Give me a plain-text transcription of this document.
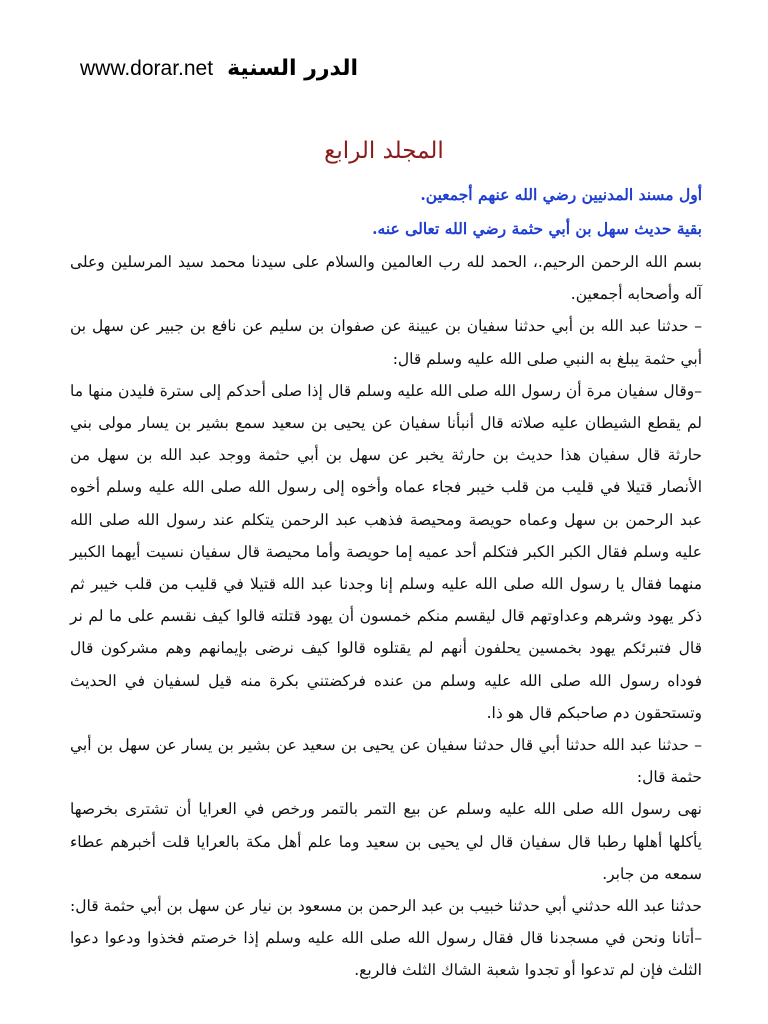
www.dorar.net الدرر السنية
المجلد الرابع

أول مسند المدنيين رضي الله عنهم أجمعين.

بقية حديث سهل بن أبي حثمة رضي الله تعالى عنه.

بسم الله الرحمن الرحيم.، الحمد لله رب العالمين والسلام على سيدنا محمد سيد المرسلين وعلى آله وأصحابه أجمعين.

– حدثنا عبد الله بن أبي حدثنا سفيان بن عيينة عن صفوان بن سليم عن نافع بن جبير عن سهل بن أبي حثمة يبلغ به النبي صلى الله عليه وسلم قال:

–وقال سفيان مرة أن رسول الله صلى الله عليه وسلم قال إذا صلى أحدكم إلى سترة فليدن منها ما لم يقطع الشيطان عليه صلاته قال أنبأنا سفيان عن يحيى بن سعيد سمع بشير بن يسار مولى بني حارثة قال سفيان هذا حديث بن حارثة يخبر عن سهل بن أبي حثمة ووجد عبد الله بن سهل من الأنصار قتيلا في قليب من قلب خيبر فجاء عماه وأخوه إلى رسول الله صلى الله عليه وسلم أخوه عبد الرحمن بن سهل وعماه حويصة ومحيصة فذهب عبد الرحمن يتكلم عند رسول الله صلى الله عليه وسلم فقال الكبر الكبر فتكلم أحد عميه إما حويصة وأما محيصة قال سفيان نسيت أيهما الكبير منهما فقال يا رسول الله صلى الله عليه وسلم إنا وجدنا عبد الله قتيلا في قليب من قلب خيبر ثم ذكر يهود وشرهم وعداوتهم قال ليقسم منكم خمسون أن يهود قتلته قالوا كيف نقسم على ما لم نر قال فتبرئكم يهود بخمسين يحلفون أنهم لم يقتلوه قالوا كيف نرضى بإيمانهم وهم مشركون قال فوداه رسول الله صلى الله عليه وسلم من عنده فركضتني بكرة منه قيل لسفيان في الحديث وتستحقون دم صاحبكم قال هو ذا.

– حدثنا عبد الله حدثنا أبي قال حدثنا سفيان عن يحيى بن سعيد عن بشير بن يسار عن سهل بن أبي حثمة قال:

نهى رسول الله صلى الله عليه وسلم عن بيع التمر بالتمر ورخص في العرايا أن تشترى بخرصها يأكلها أهلها رطبا قال سفيان قال لي يحيى بن سعيد وما علم أهل مكة بالعرايا قلت أخبرهم عطاء سمعه من جابر.

حدثنا عبد الله حدثني أبي حدثنا خبيب بن عبد الرحمن بن مسعود بن نيار عن سهل بن أبي حثمة قال: –أتانا ونحن في مسجدنا قال فقال رسول الله صلى الله عليه وسلم إذا خرصتم فخذوا ودعوا دعوا الثلث فإن لم تدعوا أو تجدوا شعبة الشاك الثلث فالربع.
